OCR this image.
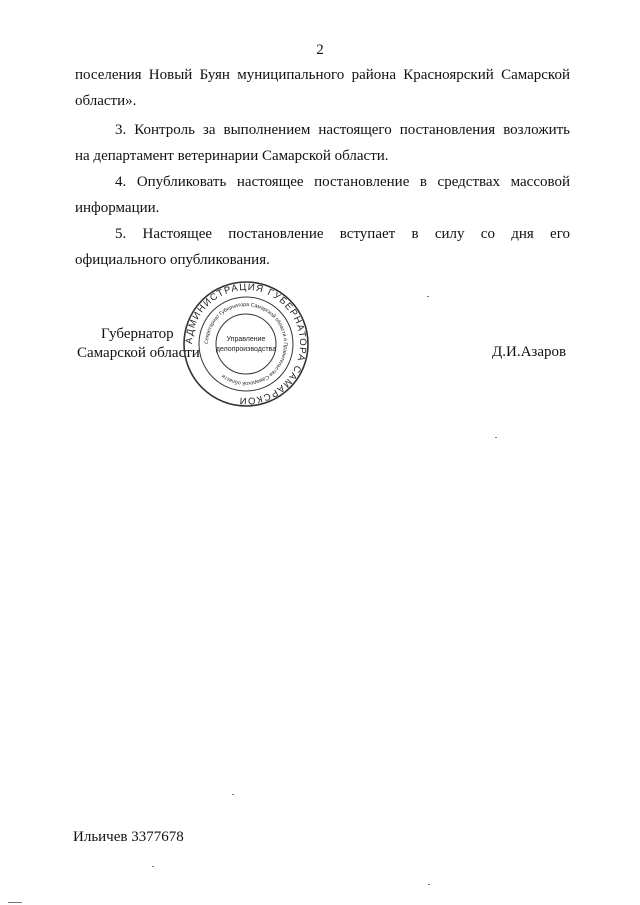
2
поселения Новый Буян муниципального района Красноярский Самарской
области».
3. Контроль за выполнением настоящего постановления возложить
на департамент ветеринарии Самарской области.
4. Опубликовать настоящее постановление в средствах массовой
информации.
5. Настоящее постановление вступает в силу со дня его
официального опубликования.
Губернатор
Самарской области
АДМИНИСТРАЦИЯ ГУБЕРНАТОРА САМАРСКОЙ
Секретариат Губернатора Самарской области и Правительства Самарской области
Управление
делопроизводства	Д.И.Азаров
Ильичев 3377678
